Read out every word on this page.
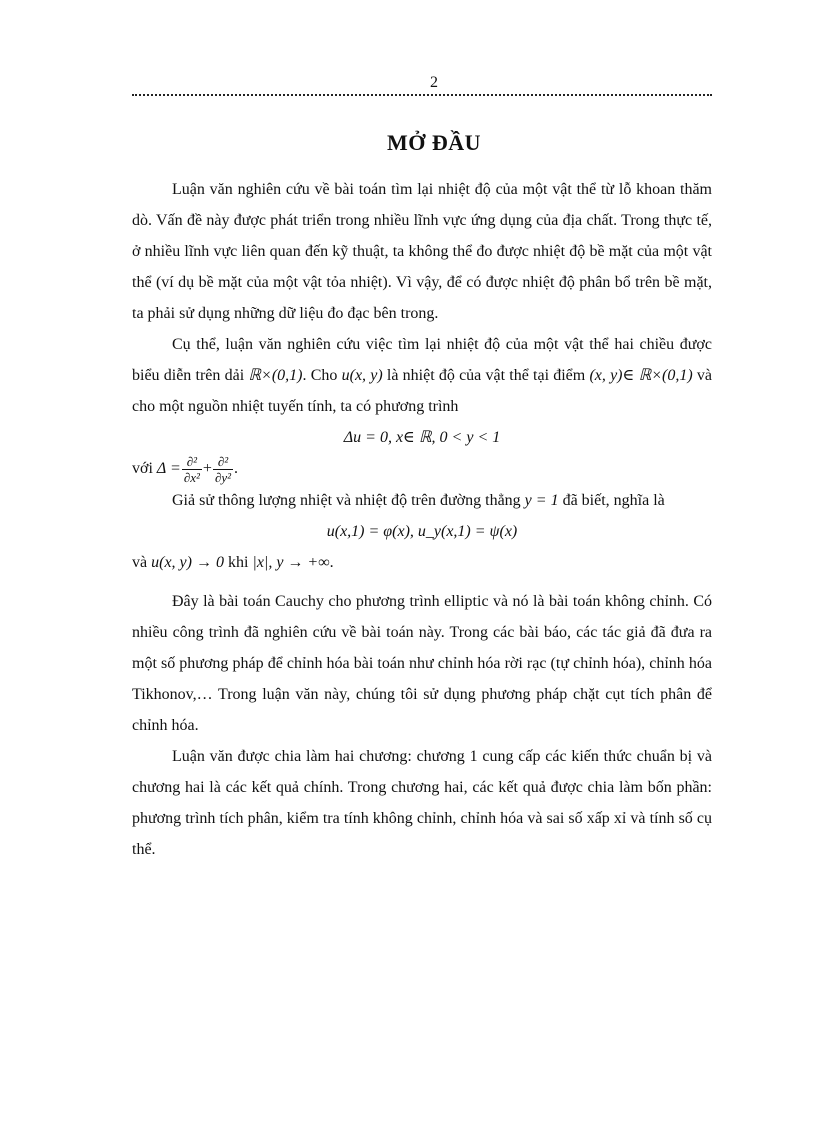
2
MỞ ĐẦU

Luận văn nghiên cứu về bài toán tìm lại nhiệt độ của một vật thể từ lỗ khoan thăm dò. Vấn đề này được phát triển trong nhiều lĩnh vực ứng dụng của địa chất. Trong thực tế, ở nhiều lĩnh vực liên quan đến kỹ thuật, ta không thể đo được nhiệt độ bề mặt của một vật thể (ví dụ bề mặt của một vật tỏa nhiệt). Vì vậy, để có được nhiệt độ phân bổ trên bề mặt, ta phải sử dụng những dữ liệu đo đạc bên trong.

Cụ thể, luận văn nghiên cứu việc tìm lại nhiệt độ của một vật thể hai chiều được biểu diễn trên dải ℝ×(0,1). Cho u(x, y) là nhiệt độ của vật thể tại điểm (x, y)∈ ℝ×(0,1) và cho một nguồn nhiệt tuyến tính, ta có phương trình

Δu = 0, x∈ ℝ, 0 < y < 1

với $\Delta = \frac{\text{∂²}}{\text{∂x²}} + \frac{\text{∂²}}{\text{∂y²}}$ .

Giả sử thông lượng nhiệt và nhiệt độ trên đường thẳng y = 1 đã biết, nghĩa là

u(x,1) = φ(x), u_y(x,1) = ψ(x)

và u(x, y) → 0 khi |x|, y → +∞.

Đây là bài toán Cauchy cho phương trình elliptic và nó là bài toán không chỉnh. Có nhiều công trình đã nghiên cứu về bài toán này. Trong các bài báo, các tác giả đã đưa ra một số phương pháp để chỉnh hóa bài toán như chỉnh hóa rời rạc (tự chỉnh hóa), chỉnh hóa Tikhonov,… Trong luận văn này, chúng tôi sử dụng phương pháp chặt cụt tích phân để chỉnh hóa.

Luận văn được chia làm hai chương: chương 1 cung cấp các kiến thức chuẩn bị và chương hai là các kết quả chính. Trong chương hai, các kết quả được chia làm bốn phần: phương trình tích phân, kiểm tra tính không chỉnh, chỉnh hóa và sai số xấp xỉ và tính số cụ thể.
